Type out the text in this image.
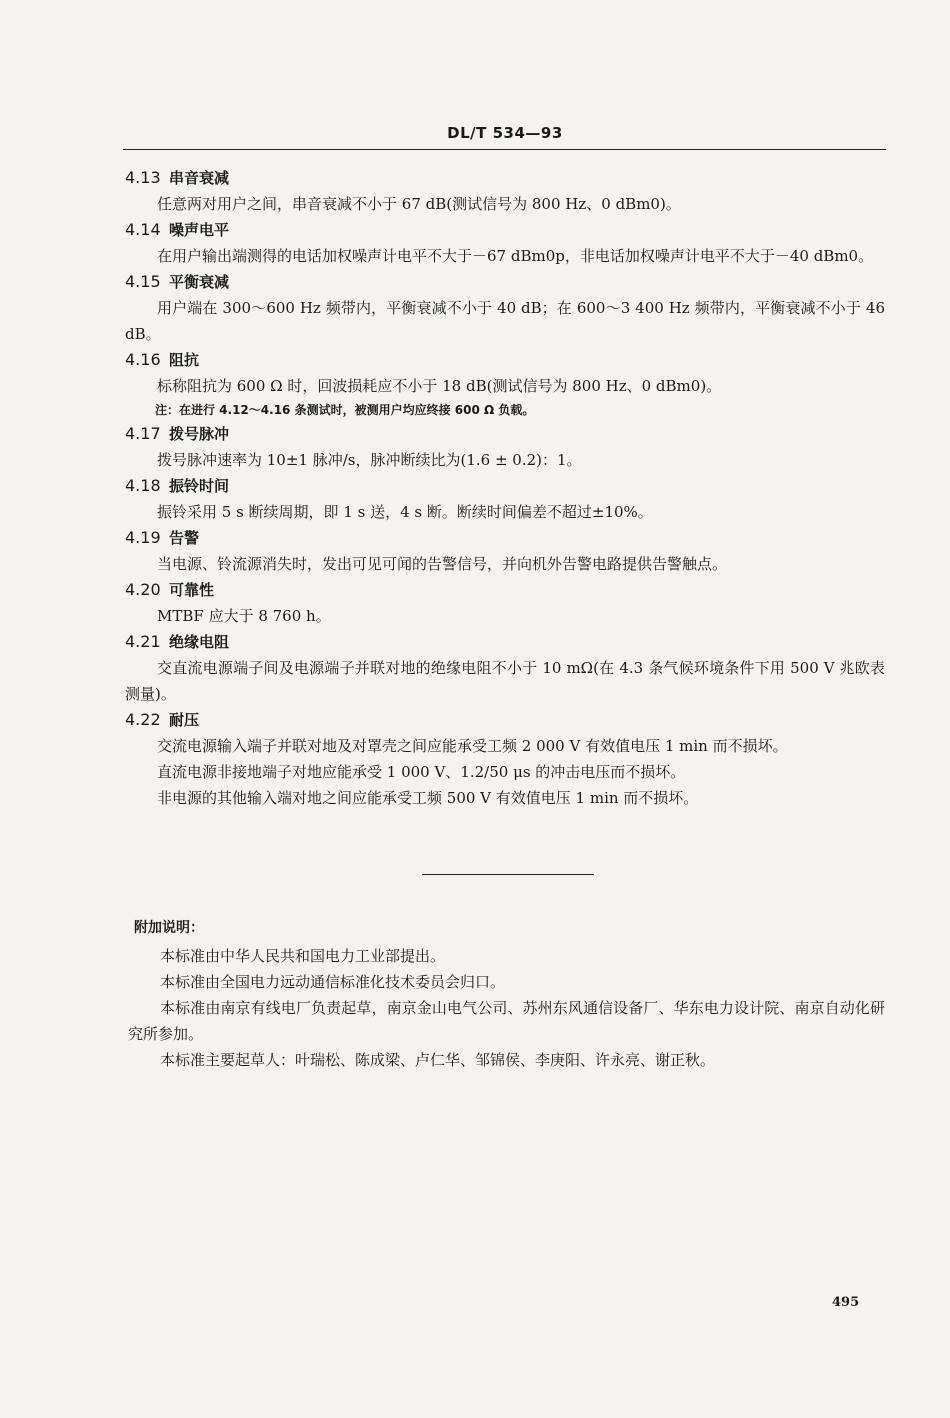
DL/T 534—93
4.13 串音衰减

任意两对用户之间，串音衰减不小于 67 dB(测试信号为 800 Hz、0 dBm0)。

4.14 噪声电平

在用户输出端测得的电话加权噪声计电平不大于－67 dBm0p，非电话加权噪声计电平不大于－40 dBm0。

4.15 平衡衰减

用户端在 300～600 Hz 频带内，平衡衰减不小于 40 dB；在 600～3 400 Hz 频带内，平衡衰减不小于 46 dB。

4.16 阻抗

标称阻抗为 600 Ω 时，回波损耗应不小于 18 dB(测试信号为 800 Hz、0 dBm0)。

注：在进行 4.12～4.16 条测试时，被测用户均应终接 600 Ω 负载。
4.17 拨号脉冲

拨号脉冲速率为 10±1 脉冲/s，脉冲断续比为(1.6 ± 0.2)：1。

4.18 振铃时间

振铃采用 5 s 断续周期，即 1 s 送，4 s 断。断续时间偏差不超过±10%。

4.19 告警

当电源、铃流源消失时，发出可见可闻的告警信号，并向机外告警电路提供告警触点。

4.20 可靠性

MTBF 应大于 8 760 h。

4.21 绝缘电阻

交直流电源端子间及电源端子并联对地的绝缘电阻不小于 10 mΩ(在 4.3 条气候环境条件下用 500 V 兆欧表测量)。

4.22 耐压

交流电源输入端子并联对地及对罩壳之间应能承受工频 2 000 V 有效值电压 1 min 而不损坏。

直流电源非接地端子对地应能承受 1 000 V、1.2/50 μs 的冲击电压而不损坏。

非电源的其他输入端对地之间应能承受工频 500 V 有效值电压 1 min 而不损坏。

附加说明：

本标准由中华人民共和国电力工业部提出。

本标准由全国电力远动通信标准化技术委员会归口。

本标准由南京有线电厂负责起草，南京金山电气公司、苏州东风通信设备厂、华东电力设计院、南京自动化研究所参加。

本标准主要起草人：叶瑞松、陈成梁、卢仁华、邹锦侯、李庚阳、许永亮、谢正秋。

495
